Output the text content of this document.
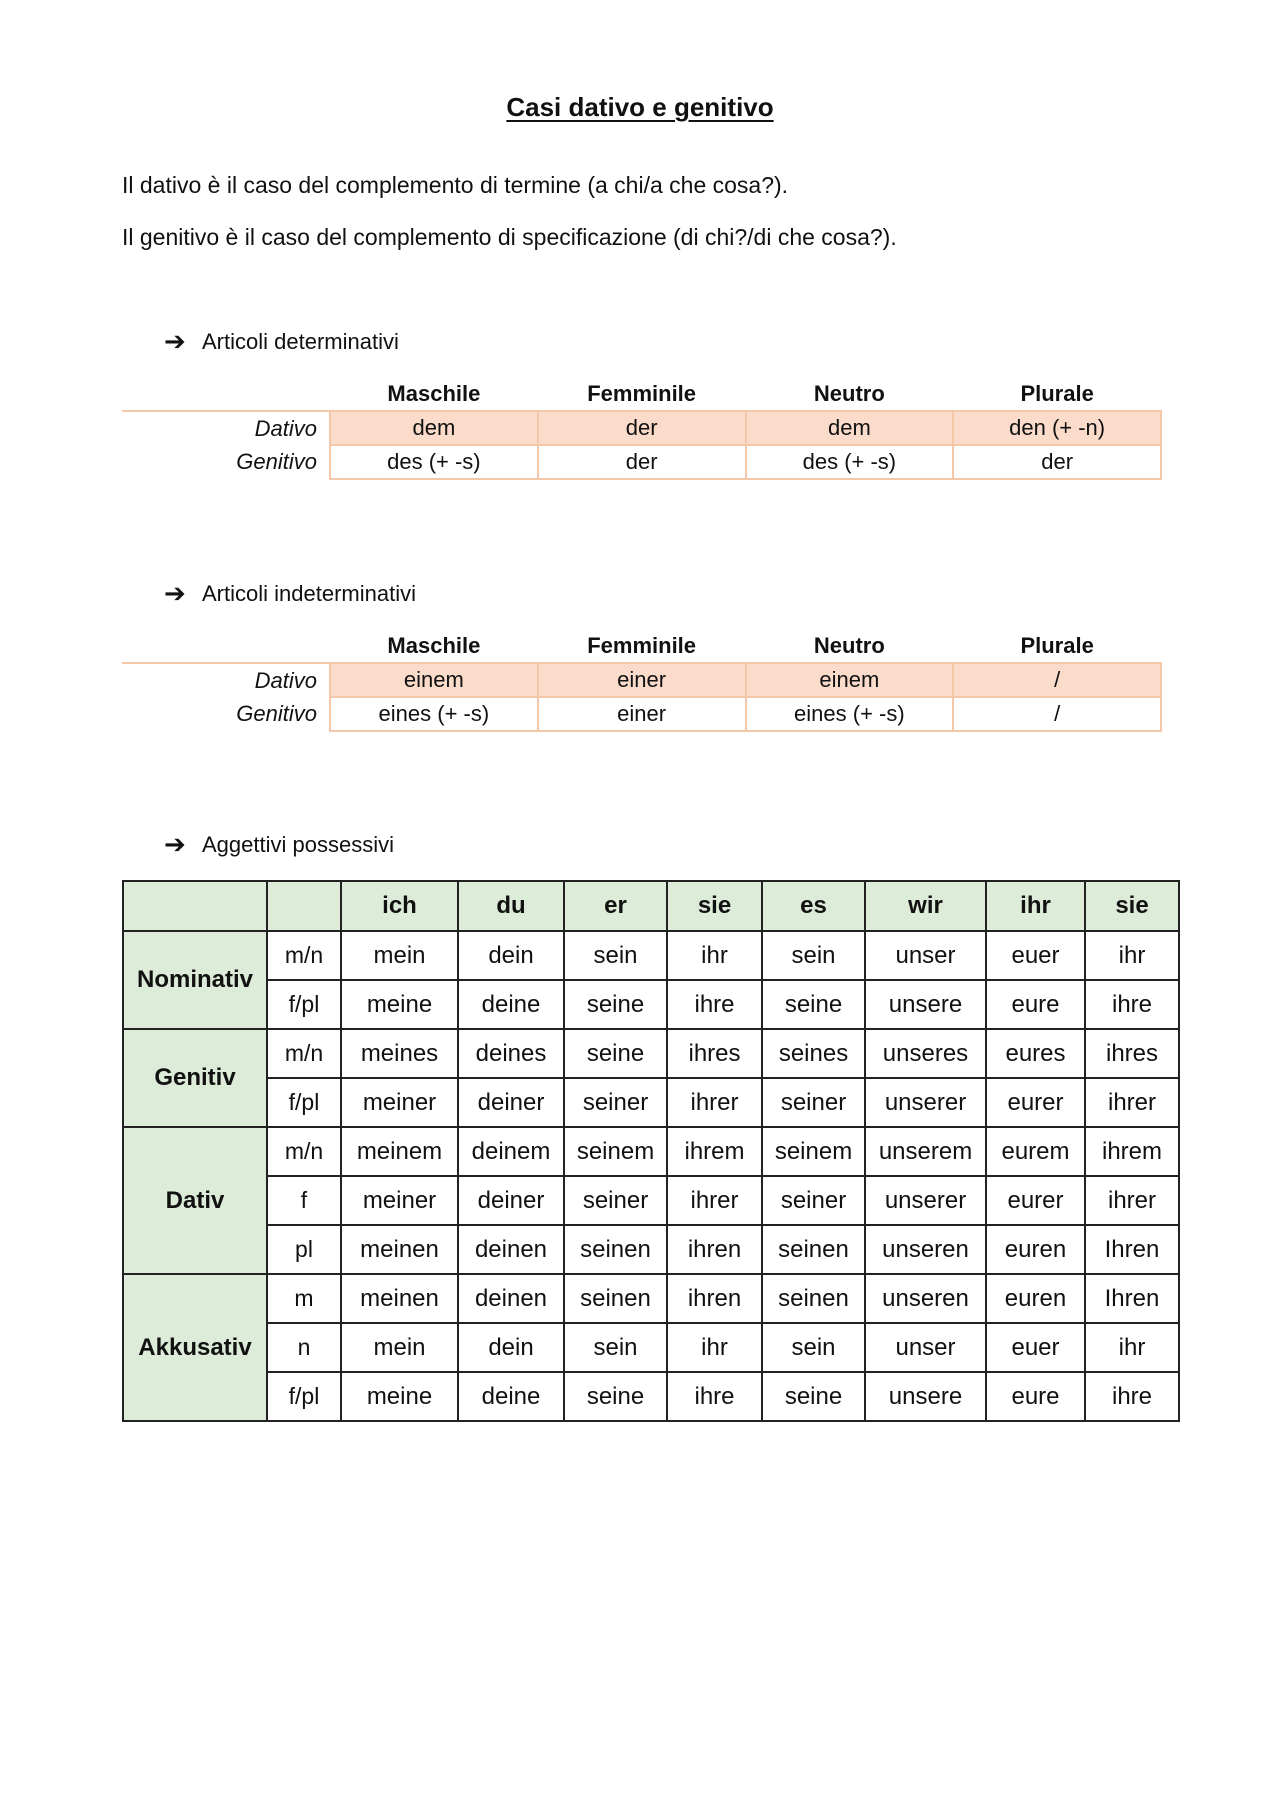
Casi dativo e genitivo
Il dativo è il caso del complemento di termine (a chi/a che cosa?).
Il genitivo è il caso del complemento di specificazione (di chi?/di che cosa?).
➔ Articoli determinativi
	Maschile	Femminile	Neutro	Plurale
Dativo	dem	der	dem	den (+ -n)
Genitivo	des (+ -s)	der	des (+ -s)	der
➔ Articoli indeterminativi
	Maschile	Femminile	Neutro	Plurale
Dativo	einem	einer	einem	/
Genitivo	eines (+ -s)	einer	eines (+ -s)	/
➔ Aggettivi possessivi
		ich	du	er	sie	es	wir	ihr	sie
Nominativ	m/n	mein	dein	sein	ihr	sein	unser	euer	ihr
	f/pl	meine	deine	seine	ihre	seine	unsere	eure	ihre
Genitiv	m/n	meines	deines	seine	ihres	seines	unseres	eures	ihres
	f/pl	meiner	deiner	seiner	ihrer	seiner	unserer	eurer	ihrer
Dativ	m/n	meinem	deinem	seinem	ihrem	seinem	unserem	eurem	ihrem
	f	meiner	deiner	seiner	ihrer	seiner	unserer	eurer	ihrer
	pl	meinen	deinen	seinen	ihren	seinen	unseren	euren	Ihren
Akkusativ	m	meinen	deinen	seinen	ihren	seinen	unseren	euren	Ihren
	n	mein	dein	sein	ihr	sein	unser	euer	ihr
	f/pl	meine	deine	seine	ihre	seine	unsere	eure	ihre
